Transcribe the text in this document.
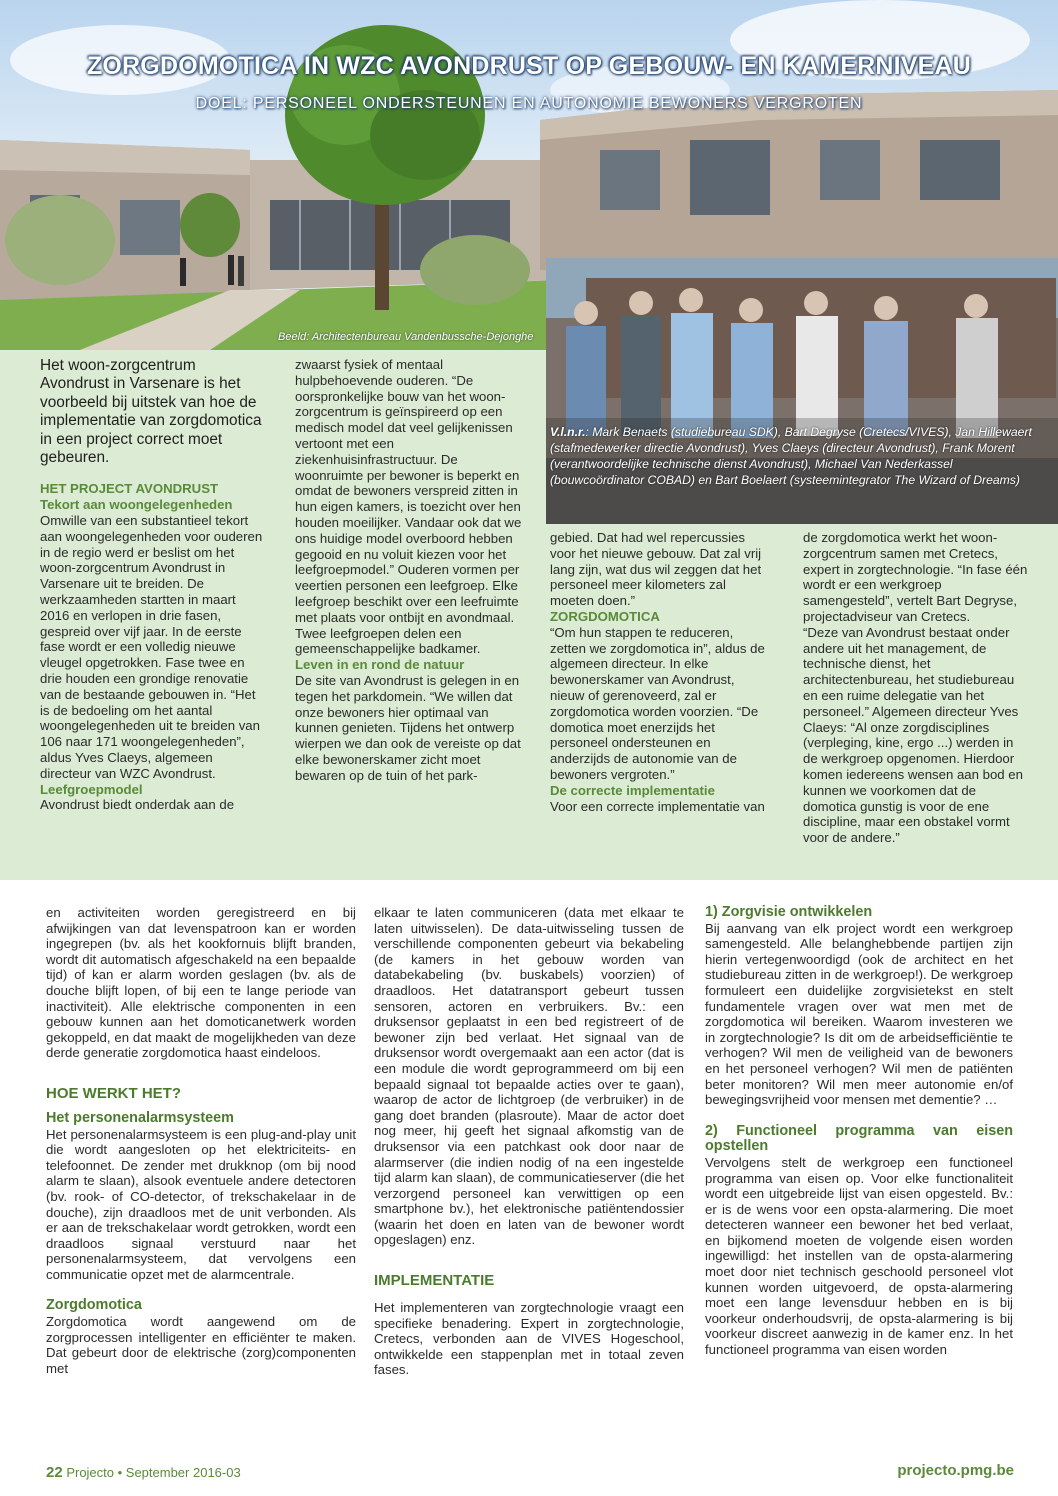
ZORGDOMOTICA IN WZC AVONDRUST OP GEBOUW- EN KAMERNIVEAU
DOEL: PERSONEEL ONDERSTEUNEN EN AUTONOMIE BEWONERS VERGROTEN
Beeld: Architectenbureau Vandenbussche-Dejonghe
V.l.n.r.: Mark Benaets (studiebureau SDK), Bart Degryse (Cretecs/VIVES), Jan Hillewaert (stafmedewerker directie Avondrust), Yves Claeys (directeur Avondrust), Frank Morent (verantwoordelijke technische dienst Avondrust), Michael Van Nederkassel (bouwcoördinator COBAD) en Bart Boelaert (systeemintegrator The Wizard of Dreams)

Het woon-zorgcentrum Avondrust in Varsenare is het voorbeeld bij uitstek van hoe de implementatie van zorgdomotica in een project correct moet gebeuren.

HET PROJECT AVONDRUST

Tekort aan woongelegenheden

Omwille van een substantieel tekort aan woongelegenheden voor ouderen in de regio werd er beslist om het woon-zorgcentrum Avondrust in Varsenare uit te breiden. De werkzaamheden startten in maart 2016 en verlopen in drie fasen, gespreid over vijf jaar. In de eerste fase wordt er een volledig nieuwe vleugel opgetrokken. Fase twee en drie houden een grondige renovatie van de bestaande gebouwen in. “Het is de bedoeling om het aantal woongelegenheden uit te breiden van 106 naar 171 woongelegenheden”, aldus Yves Claeys, algemeen directeur van WZC Avondrust.

Leefgroepmodel

Avondrust biedt onderdak aan de

zwaarst fysiek of mentaal hulpbehoevende ouderen. “De oorspronkelijke bouw van het woon-zorgcentrum is geïnspireerd op een medisch model dat veel gelijkenissen vertoont met een ziekenhuisinfrastructuur. De woonruimte per bewoner is beperkt en omdat de bewoners verspreid zitten in hun eigen kamers, is toezicht over hen houden moeilijker. Vandaar ook dat we ons huidige model overboord hebben gegooid en nu voluit kiezen voor het leefgroepmodel.” Ouderen vormen per veertien personen een leefgroep. Elke leefgroep beschikt over een leefruimte met plaats voor ontbijt en avondmaal. Twee leefgroepen delen een gemeenschappelijke badkamer.

Leven in en rond de natuur

De site van Avondrust is gelegen in en tegen het parkdomein. “We willen dat onze bewoners hier optimaal van kunnen genieten. Tijdens het ontwerp wierpen we dan ook de vereiste op dat elke bewonerskamer zicht moet bewaren op de tuin of het park-

gebied. Dat had wel repercussies voor het nieuwe gebouw. Dat zal vrij lang zijn, wat dus wil zeggen dat het personeel meer kilometers zal moeten doen.”

ZORGDOMOTICA

“Om hun stappen te reduceren, zetten we zorgdomotica in”, aldus de algemeen directeur. In elke bewonerskamer van Avondrust, nieuw of gerenoveerd, zal er zorgdomotica worden voorzien. “De domotica moet enerzijds het personeel ondersteunen en anderzijds de autonomie van de bewoners vergroten.”

De correcte implementatie

Voor een correcte implementatie van

de zorgdomotica werkt het woon-zorgcentrum samen met Cretecs, expert in zorgtechnologie. “In fase één wordt er een werkgroep samengesteld”, vertelt Bart Degryse, projectadviseur van Cretecs.

“Deze van Avondrust bestaat onder andere uit het management, de technische dienst, het architectenbureau, het studiebureau en een ruime delegatie van het personeel.” Algemeen directeur Yves Claeys: “Al onze zorgdisciplines (verpleging, kine, ergo ...) werden in de werkgroep opgenomen. Hierdoor komen iedereens wensen aan bod en kunnen we voorkomen dat de domotica gunstig is voor de ene discipline, maar een obstakel vormt voor de andere.”

en activiteiten worden geregistreerd en bij afwijkingen van dat levenspatroon kan er worden ingegrepen (bv. als het kookfornuis blijft branden, wordt dit automatisch afgeschakeld na een bepaalde tijd) of kan er alarm worden geslagen (bv. als de douche blijft lopen, of bij een te lange periode van inactiviteit). Alle elektrische componenten in een gebouw kunnen aan het domoticanetwerk worden gekoppeld, en dat maakt de mogelijkheden van deze derde generatie zorgdomotica haast eindeloos.

HOE WERKT HET?

Het personenalarmsysteem

Het personenalarmsysteem is een plug-and-play unit die wordt aangesloten op het elektriciteits- en telefoonnet. De zender met drukknop (om bij nood alarm te slaan), alsook eventuele andere detectoren (bv. rook- of CO-detector, of trekschakelaar in de douche), zijn draadloos met de unit verbonden. Als er aan de trekschakelaar wordt getrokken, wordt een draadloos signaal verstuurd naar het personenalarmsysteem, dat vervolgens een communicatie opzet met de alarmcentrale.

Zorgdomotica

Zorgdomotica wordt aangewend om de zorgprocessen intelligenter en efficiënter te maken. Dat gebeurt door de elektrische (zorg)componenten met

elkaar te laten communiceren (data met elkaar te laten uitwisselen). De data-uitwisseling tussen de verschillende componenten gebeurt via bekabeling (de kamers in het gebouw worden van databekabeling (bv. buskabels) voorzien) of draadloos. Het datatransport gebeurt tussen sensoren, actoren en verbruikers. Bv.: een druksensor geplaatst in een bed registreert of de bewoner zijn bed verlaat. Het signaal van de druksensor wordt overgemaakt aan een actor (dat is een module die wordt geprogrammeerd om bij een bepaald signaal tot bepaalde acties over te gaan), waarop de actor de lichtgroep (de verbruiker) in de gang doet branden (plasroute). Maar de actor doet nog meer, hij geeft het signaal afkomstig van de druksensor via een patchkast ook door naar de alarmserver (die indien nodig of na een ingestelde tijd alarm kan slaan), de communicatieserver (die het verzorgend personeel kan verwittigen op een smartphone bv.), het elektronische patiëntendossier (waarin het doen en laten van de bewoner wordt opgeslagen) enz.

IMPLEMENTATIE

Het implementeren van zorgtechnologie vraagt een specifieke benadering. Expert in zorgtechnologie, Cretecs, verbonden aan de VIVES Hogeschool, ontwikkelde een stappenplan met in totaal zeven fases.

1) Zorgvisie ontwikkelen

Bij aanvang van elk project wordt een werkgroep samengesteld. Alle belanghebbende partijen zijn hierin vertegenwoordigd (ook de architect en het studiebureau zitten in de werkgroep!). De werkgroep formuleert een duidelijke zorgvisietekst en stelt fundamentele vragen over wat men met de zorgdomotica wil bereiken. Waarom investeren we in zorgtechnologie? Is dit om de arbeidsefficiëntie te verhogen? Wil men de veiligheid van de bewoners en het personeel verhogen? Wil men de patiënten beter monitoren? Wil men meer autonomie en/of bewegingsvrijheid voor mensen met dementie? …

2) Functioneel programma van eisen opstellen

Vervolgens stelt de werkgroep een functioneel programma van eisen op. Voor elke functionaliteit wordt een uitgebreide lijst van eisen opgesteld. Bv.: er is de wens voor een opsta-alarmering. Die moet detecteren wanneer een bewoner het bed verlaat, en bijkomend moeten de volgende eisen worden ingewilligd: het instellen van de opsta-alarmering moet door niet technisch geschoold personeel vlot kunnen worden uitgevoerd, de opsta-alarmering moet een lange levensduur hebben en is bij voorkeur onderhoudsvrij, de opsta-alarmering is bij voorkeur discreet aanwezig in de kamer enz. In het functioneel programma van eisen worden

22 Projecto • September 2016-03	projecto.pmg.be
